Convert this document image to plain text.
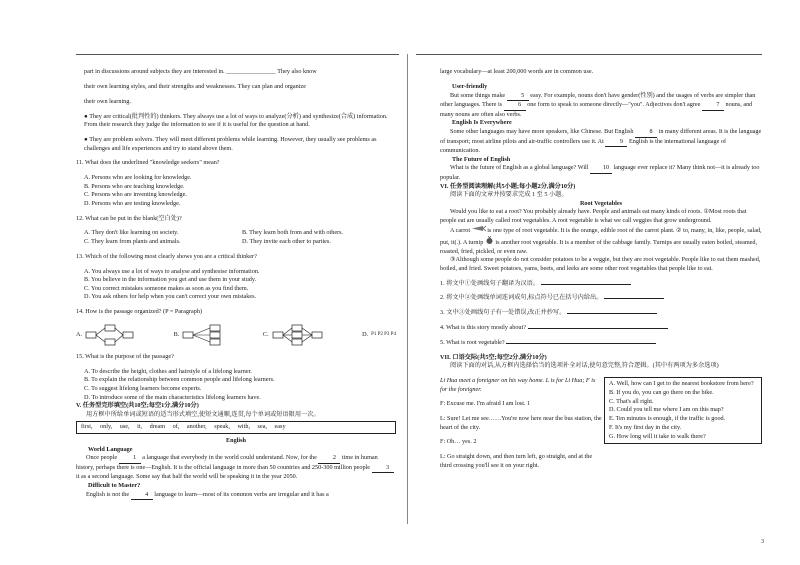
part in discussions around subjects they are interested in. ________________ They also know

their own learning styles, and their strengths and weaknesses. They can plan and organize

their own learning.

● They are critical(批判性的) thinkers. They always use a lot of ways to analyze(分析) and synthesize(合成) information. From their research they judge the information to see if it is useful for the question at hand.

● They are problem solvers. They will meet different problems while learning. However, they usually see problems as challenges and life experiences and try to stand above them.

11. What does the underlined "knowledge seekers" mean?

A. Persons who are looking for knowledge.

B. Persons who are teaching knowledge.

C. Persons who are inventing knowledge.

D. Persons who are testing knowledge.

12. What can be put in the blank(空白处)?

A. They don't like learning on society.	B. They learn both from and with others.

C. They learn from plants and animals.	D. They invite each other to parties.

13. Which of the following most clearly shows you are a critical thinker?

A. You always use a lot of ways to analyse and synthesise information.

B. You believe in the information you get and use them in your study.

C. You correct mistakes someone makes as soon as you find them.

D. You ask others for help when you can't correct your own mistakes.

14. How is the passage organized? (P = Paragraph)

A.	B.	C.	D. P1 P2 P3 P4

15. What is the purpose of the passage?

A. To describe the height, clothes and hairstyle of a lifelong learner.

B. To explain the relationship between common people and lifelong learners.

C. To suggest lifelong learners become experts.

D. To introduce some of the main characteristics lifelong learners have.

V. 任务型完形填空(共10空;每空1分,满分10分)

用方框中所给单词或短语的适当形式填空,使短文通顺,连贯,每个单词或短语限用一次。

first, only, use, it, dream of, another, speak, with, sea, easy

English

World Language

Once people 1 a language that everybody in the world could understand. Now, for the 2 time in human history, perhaps there is one—English. It is the official language in more than 50 countries and 250-300 million people 3 it as a second language. Some say that half the world will be speaking it in the year 2050.

Difficult to Master?

English is not the 4 language to learn—most of its common verbs are irregular and it has a

large vocabulary—at least 200,000 words are in common use.

User-friendly

But some things make 5 easy. For example, nouns don't have gender(性别) and the usages of verbs are simpler than other languages. There is 6 one form to speak to someone directly—"you". Adjectives don't agree 7 nouns, and many nouns are often also verbs.

English Is Everywhere

Some other languages may have more speakers, like Chinese. But English 8 in many different areas. It is the language of transport; most airline pilots and air-traffic controllers use it. At 9 English is the international language of communication.

The Future of English

What is the future of English as a global language? Will 10 language ever replace it? Many think not—it is already too popular.

VI. 任务型阅读理解(共5小题;每小题2分,满分10分)

阅读下面的文章并按要求完成 1 至 5 小题。

Root Vegetables

Would you like to eat a root? You probably already have. People and animals eat many kinds of roots. ①Most roots that people eat are usually called root vegetables. A root vegetable is what we call veggies that grow underground.

A carrot  is one type of root vegetable. It is the orange, edible root of the carrot plant. ② to, many, in, like, people, salad, put, it(.). A turnip  is another root vegetable. It is a member of the cabbage family. Turnips are usually eaten boiled, steamed, roasted, fried, pickled, or even raw.

③Although some people do not consider potatoes to be a veggie, but they are root vegetable. People like to eat them mashed, boiled, and fried. Sweet potatoes, yams, beets, and leeks are some other root vegetables that people like to eat.

1. 将文中①处画线句子翻译为汉语。

2. 将文中②处画线单词连词成句,标点符号已在括号内给出。

3. 文中③处画线句子有一处错误,改正并抄写。

4. What is this story mostly about?

5. What is root vegetable?

VII. 口语交际(共5空;每空2分,满分10分)

阅读下面的对话,从方框内选择恰当的选项补全对话,使句意完整,符合逻辑。(其中有两项为多余选项)

Li Hua meet a foreigner on his way home. L is for Li Hua; F is for the foreigner.

F: Excuse me. I'm afraid I am lost. 1

L: Sure! Let me see……You're now here near the bus station, the heart of the city.

F: Oh… yes. 2

L: Go straight down, and then turn left, go straight, and at the third crossing you'll see it on your right.

A. Well, how can I get to the nearest bookstore from here?
B. If you do, you can go there on the bike.
C. That's all right.
D. Could you tell me where I am on this map?
E. Ten minutes is enough, if the traffic is good.
F. It's my first day in the city.
G. How long will it take to walk there?
3
